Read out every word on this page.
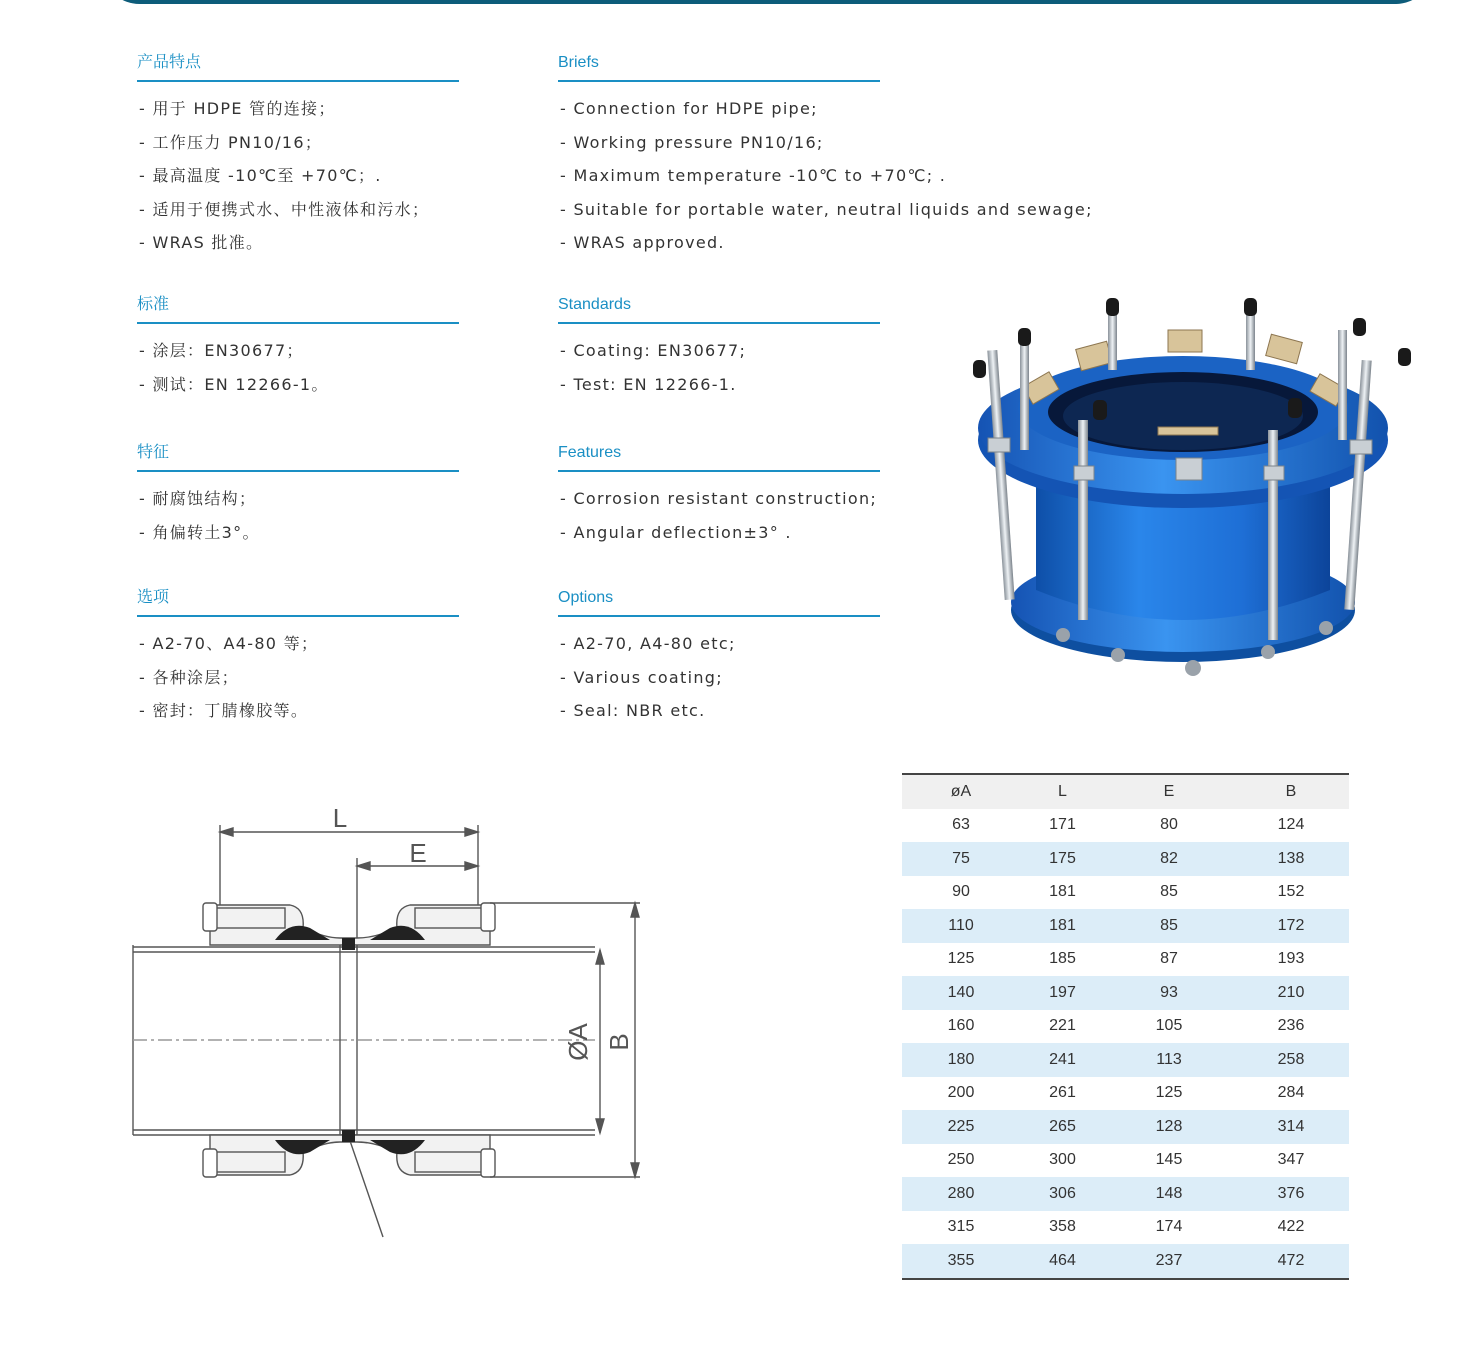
产品特点
- 用于 HDPE 管的连接；
- 工作压力 PN10/16；
- 最高温度 -10℃至 +70℃；.
- 适用于便携式水、中性液体和污水；
- WRAS 批准。
标准
- 涂层：EN30677；
- 测试：EN 12266-1。
特征
- 耐腐蚀结构；
- 角偏转土3°。
选项
- A2-70、A4-80 等；
- 各种涂层；
- 密封：丁腈橡胶等。
Briefs
- Connection for HDPE pipe;
- Working pressure PN10/16;
- Maximum temperature -10℃ to +70℃; .
- Suitable for portable water, neutral liquids and sewage;
- WRAS approved.
Standards
- Coating: EN30677;
- Test: EN 12266-1.
Features
- Corrosion resistant construction;
- Angular deflection±3° .
Options
- A2-70, A4-80 etc;
- Various coating;
- Seal: NBR etc.
L
E
ØA B
øA	L	E	B
63	171	80	124
75	175	82	138
90	181	85	152
110	181	85	172
125	185	87	193
140	197	93	210
160	221	105	236
180	241	113	258
200	261	125	284
225	265	128	314
250	300	145	347
280	306	148	376
315	358	174	422
355	464	237	472
